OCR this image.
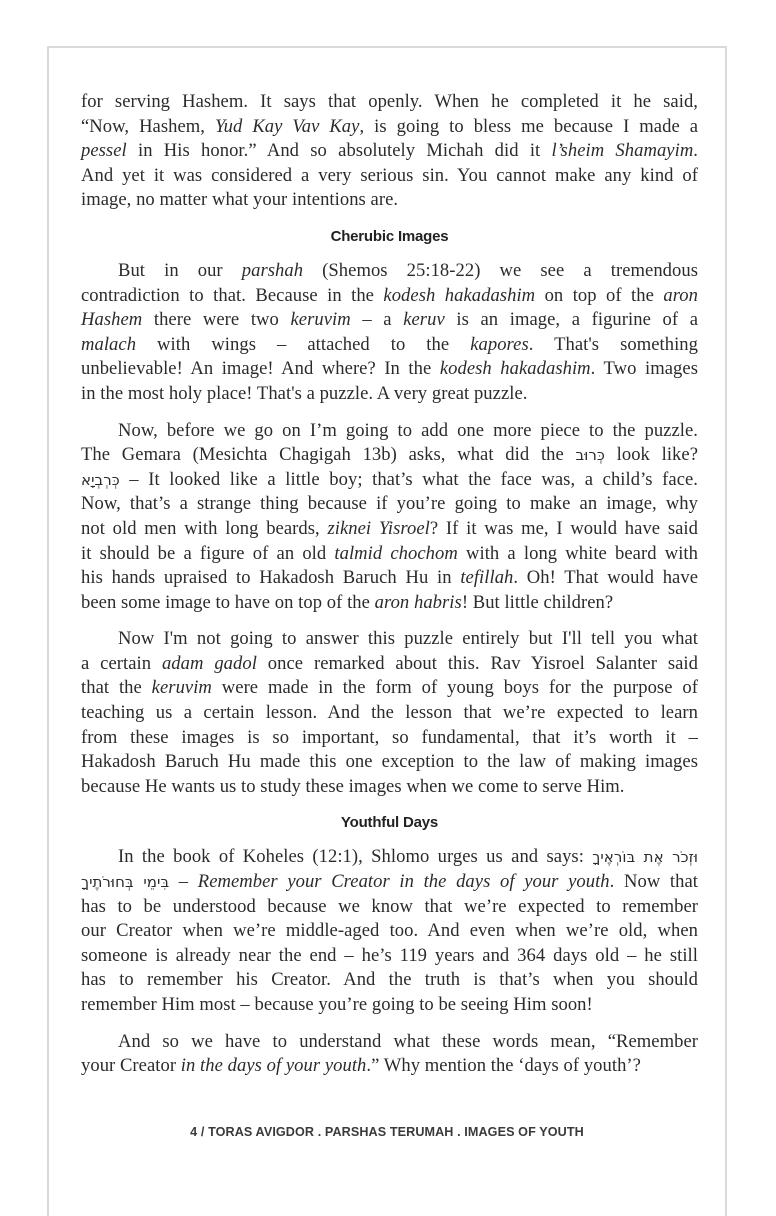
for serving Hashem. It says that openly. When he completed it he said,
“Now, Hashem, Yud Kay Vav Kay, is going to bless me because I made a
pessel in His honor.” And so absolutely Michah did it l’sheim Shamayim.
And yet it was considered a very serious sin. You cannot make any kind of
image, no matter what your intentions are.
Cherubic Images
But in our parshah (Shemos 25:18-22) we see a tremendous
contradiction to that. Because in the kodesh hakadashim on top of the aron
Hashem there were two keruvim – a keruv is an image, a figurine of a
malach with wings – attached to the kapores. That's something
unbelievable! An image! And where? In the kodesh hakadashim. Two images
in the most holy place! That's a puzzle. A very great puzzle.
Now, before we go on I’m going to add one more piece to the puzzle.
The Gemara (Mesichta Chagigah 13b) asks, what did the כְּרוּב look like?
כְּרְבְיָא – It looked like a little boy; that’s what the face was, a child’s face.
Now, that’s a strange thing because if you’re going to make an image, why
not old men with long beards, ziknei Yisroel? If it was me, I would have said
it should be a figure of an old talmid chochom with a long white beard with
his hands upraised to Hakadosh Baruch Hu in tefillah. Oh! That would have
been some image to have on top of the aron habris! But little children?
Now I'm not going to answer this puzzle entirely but I'll tell you what
a certain adam gadol once remarked about this. Rav Yisroel Salanter said
that the keruvim were made in the form of young boys for the purpose of
teaching us a certain lesson. And the lesson that we’re expected to learn
from these images is so important, so fundamental, that it’s worth it –
Hakadosh Baruch Hu made this one exception to the law of making images
because He wants us to study these images when we come to serve Him.
Youthful Days
In the book of Koheles (12:1), Shlomo urges us and says: וּזְכֹר אֶת בּוֹרְאֶיךָ
בִּימֵי בְּחוּרֹתֶיךָ – Remember your Creator in the days of your youth. Now that
has to be understood because we know that we’re expected to remember
our Creator when we’re middle-aged too. And even when we’re old, when
someone is already near the end – he’s 119 years and 364 days old – he still
has to remember his Creator. And the truth is that’s when you should
remember Him most – because you’re going to be seeing Him soon!
And so we have to understand what these words mean, “Remember
your Creator in the days of your youth.” Why mention the ‘days of youth’?
4 / TORAS AVIGDOR . PARSHAS TERUMAH . IMAGES OF YOUTH
